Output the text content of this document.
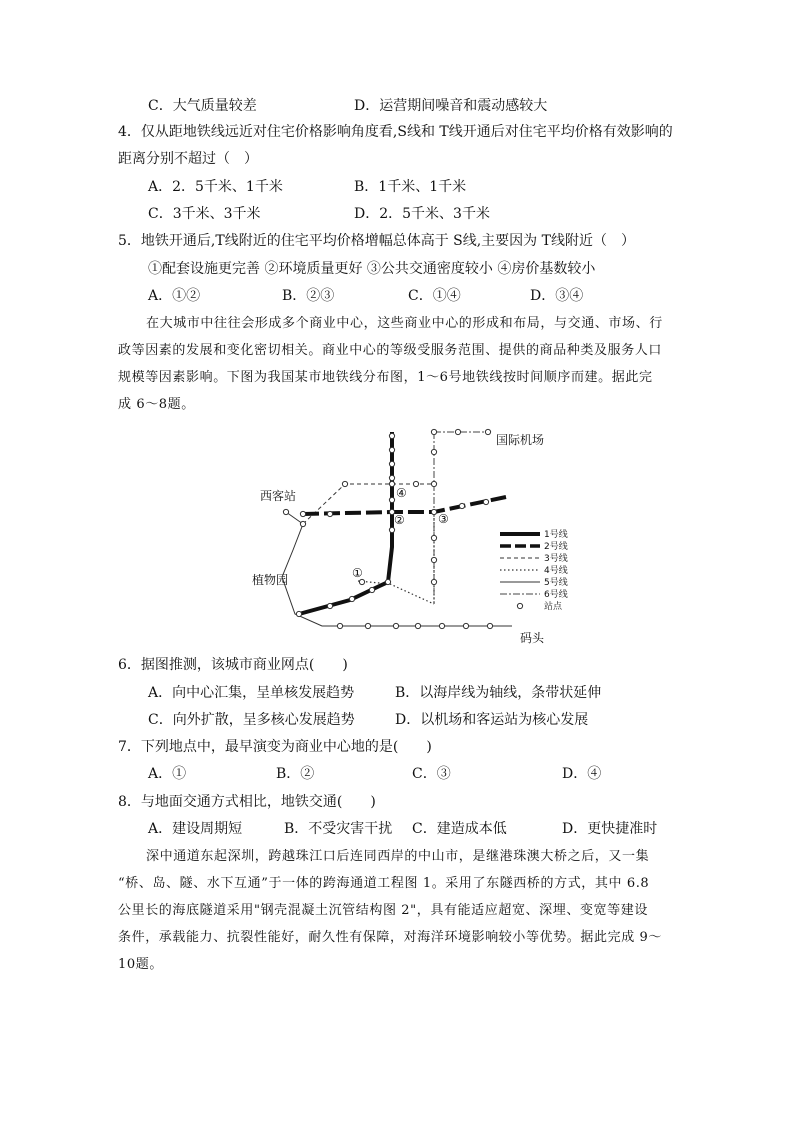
C．大气质量较差	D．运营期间噪音和震动感较大
4．仅从距地铁线远近对住宅价格影响角度看,S线和 T线开通后对住宅平均价格有效影响的
距离分别不超过（　）
A．2．5千米、1千米	B．1千米、1千米
C．3千米、3千米	D．2．5千米、3千米
5．地铁开通后,T线附近的住宅平均价格增幅总体高于 S线,主要因为 T线附近（　）
①配套设施更完善 ②环境质量更好 ③公共交通密度较小 ④房价基数较小
A．①②	B．②③	C．①④	D．③④
在大城市中往往会形成多个商业中心，这些商业中心的形成和布局，与交通、市场、行
政等因素的发展和变化密切相关。商业中心的等级受服务范围、提供的商品种类及服务人口
规模等因素影响。下图为我国某市地铁线分布图，1～6号地铁线按时间顺序而建。据此完
成 6～8题。
国际机场
西客站
植物园
码头
①
②	③
④
1号线
2号线
3号线
4号线
5号线
6号线
站点
6．据图推测，该城市商业网点(　　)
A．向中心汇集，呈单核发展趋势	B．以海岸线为轴线，条带状延伸
C．向外扩散，呈多核心发展趋势	D．以机场和客运站为核心发展
7．下列地点中，最早演变为商业中心地的是(　　)
A．①	B．②	C．③	D．④
8．与地面交通方式相比，地铁交通(　　)
A．建设周期短	B．不受灾害干扰 C．建造成本低	D．更快捷准时
深中通道东起深圳，跨越珠江口后连同西岸的中山市，是继港珠澳大桥之后，又一集
“桥、岛、隧、水下互通”于一体的跨海通道工程图 1。采用了东隧西桥的方式，其中 6.8
公里长的海底隧道采用"钢壳混凝土沉管结构图 2"，具有能适应超宽、深埋、变宽等建设
条件，承载能力、抗裂性能好，耐久性有保障，对海洋环境影响较小等优势。据此完成 9～
10题。
